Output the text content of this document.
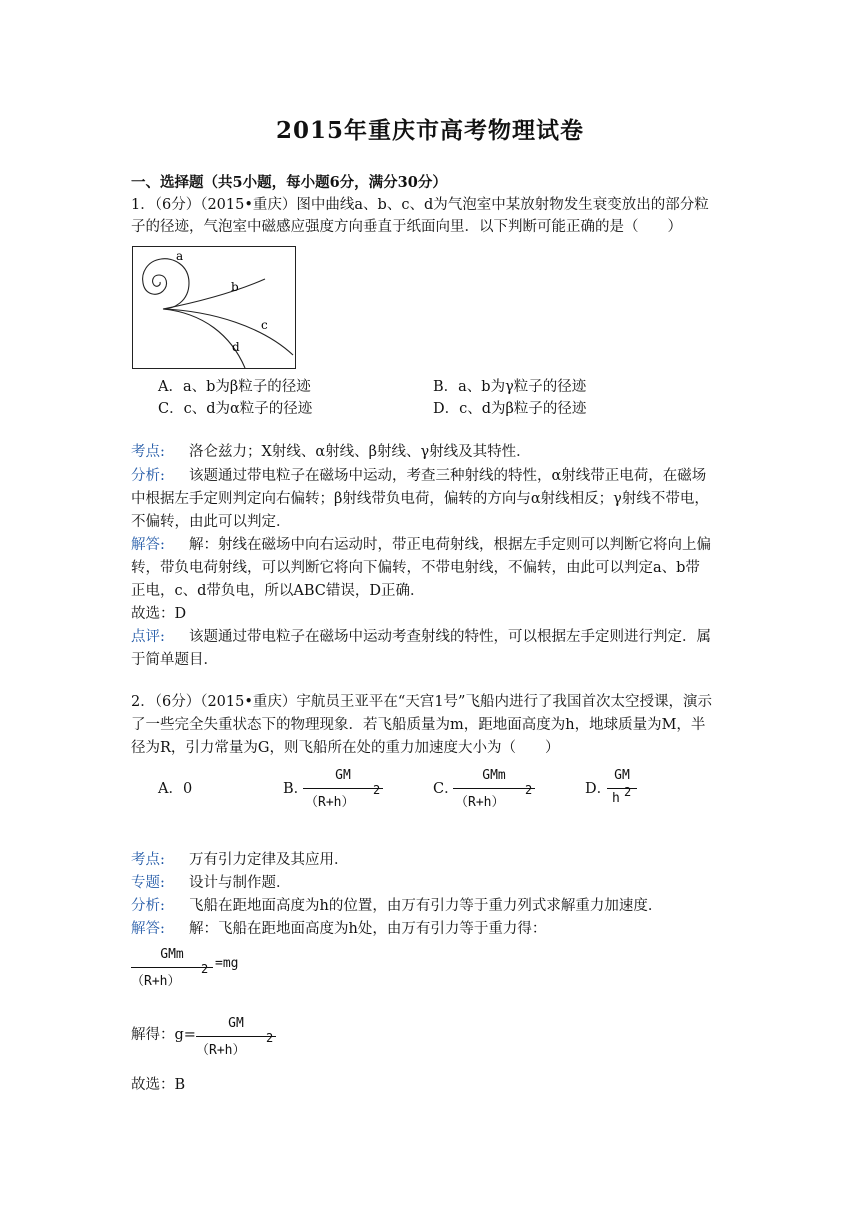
2015年重庆市高考物理试卷
一、选择题（共5小题，每小题6分，满分30分）
1．（6分）（2015•重庆）图中曲线a、b、c、d为气泡室中某放射物发生衰变放出的部分粒
子的径迹，气泡室中磁感应强度方向垂直于纸面向里．以下判断可能正确的是（　　）
a
b
c
d
A．a、b为β粒子的径迹	B．a、b为γ粒子的径迹
C．c、d为α粒子的径迹	D．c、d为β粒子的径迹
考点: 洛仑兹力；X射线、α射线、β射线、γ射线及其特性．
分析: 该题通过带电粒子在磁场中运动，考查三种射线的特性，α射线带正电荷，在磁场
中根据左手定则判定向右偏转；β射线带负电荷，偏转的方向与α射线相反；γ射线不带电，
不偏转，由此可以判定．
解答: 解：射线在磁场中向右运动时，带正电荷射线，根据左手定则可以判断它将向上偏
转，带负电荷射线，可以判断它将向下偏转，不带电射线，不偏转，由此可以判定a、b带
正电，c、d带负电，所以ABC错误，D正确．
故选：D
点评: 该题通过带电粒子在磁场中运动考查射线的特性，可以根据左手定则进行判定．属
于简单题目．
2．（6分）（2015•重庆）宇航员王亚平在“天宫1号”飞船内进行了我国首次太空授课，演示
了一些完全失重状态下的物理现象．若飞船质量为m，距地面高度为h，地球质量为M，半
径为R，引力常量为G，则飞船所在处的重力加速度大小为（　　）
A．0	B．
GM
（R+h）
2	C．
GMm
（R+h）
2	D．
GM
h 2
考点: 万有引力定律及其应用．
专题: 设计与制作题．
分析: 飞船在距地面高度为h的位置，由万有引力等于重力列式求解重力加速度．
解答: 解：飞船在距地面高度为h处，由万有引力等于重力得：
GMm
（R+h）
2 =mg
解得：g=
GM
（R+h）
2
故选：B
